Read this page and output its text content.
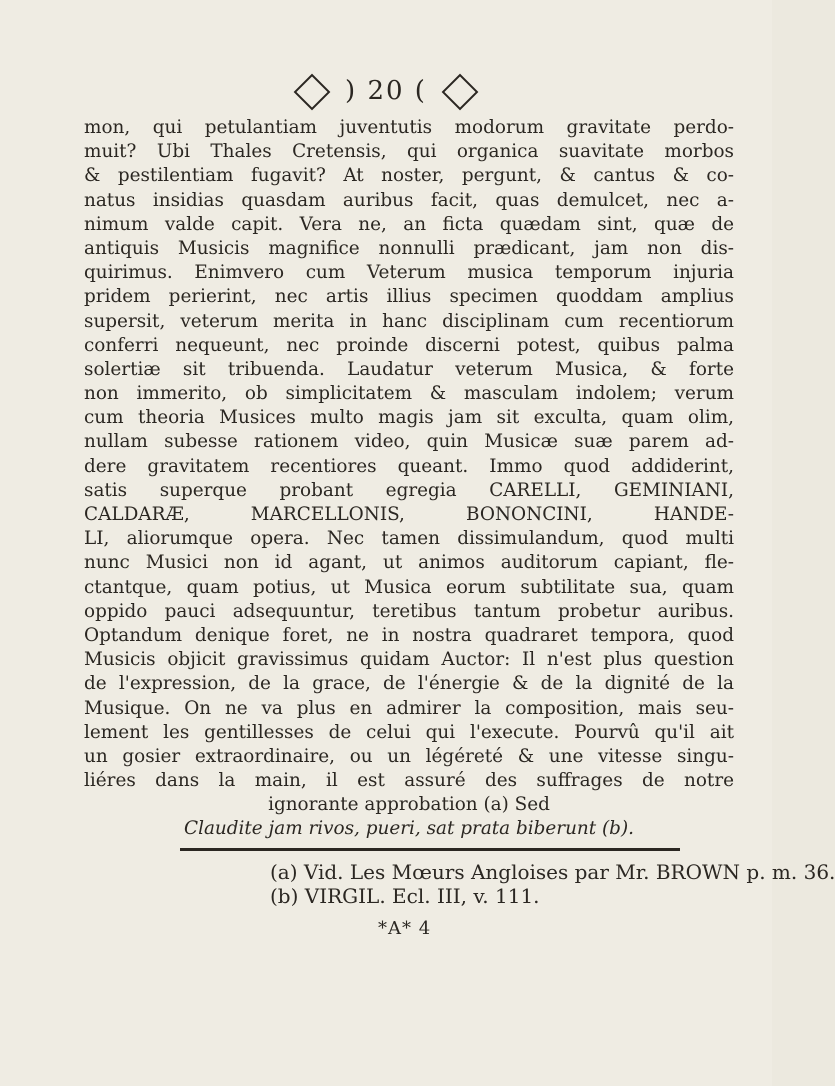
) 20 (
mon, qui petulantiam juventutis modorum gravitate perdo-
muit? Ubi Thales Cretensis, qui organica suavitate morbos
& pestilentiam fugavit? At noster, pergunt, & cantus & co-
natus insidias quasdam auribus facit, quas demulcet, nec a-
nimum valde capit. Vera ne, an ficta quædam sint, quæ de
antiquis Musicis magnifice nonnulli prædicant, jam non dis-
quirimus. Enimvero cum Veterum musica temporum injuria
pridem perierint, nec artis illius specimen quoddam amplius
supersit, veterum merita in hanc disciplinam cum recentiorum
conferri nequeunt, nec proinde discerni potest, quibus palma
solertiæ sit tribuenda. Laudatur veterum Musica, & forte
non immerito, ob simplicitatem & masculam indolem; verum
cum theoria Musices multo magis jam sit exculta, quam olim,
nullam subesse rationem video, quin Musicæ suæ parem ad-
dere gravitatem recentiores queant. Immo quod addiderint,
satis superque probant egregia CARELLI, GEMINIANI,
CALDARÆ, MARCELLONIS, BONONCINI, HANDE-
LI, aliorumque opera. Nec tamen dissimulandum, quod multi
nunc Musici non id agant, ut animos auditorum capiant, fle-
ctantque, quam potius, ut Musica eorum subtilitate sua, quam
oppido pauci adsequuntur, teretibus tantum probetur auribus.
Optandum denique foret, ne in nostra quadraret tempora, quod
Musicis objicit gravissimus quidam Auctor: Il n'est plus question
de l'expression, de la grace, de l'énergie & de la dignité de la
Musique. On ne va plus en admirer la composition, mais seu-
lement les gentillesses de celui qui l'execute. Pourvû qu'il ait
un gosier extraordinaire, ou un légéreté & une vitesse singu-
liéres dans la main, il est assuré des suffrages de notre
ignorante approbation (a) Sed
Claudite jam rivos, pueri, sat prata biberunt (b).
(a) Vid. Les Mœurs Angloises par Mr. BROWN p. m. 36.
(b) VIRGIL. Ecl. III, v. 111.
*A* 4
